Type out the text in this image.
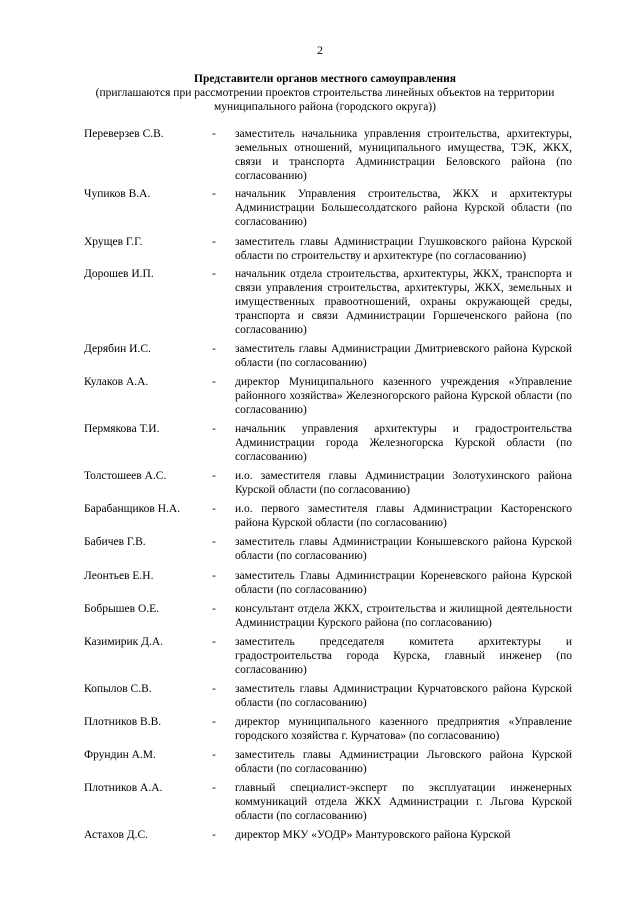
2
Представители органов местного самоуправления
(приглашаются при рассмотрении проектов строительства линейных объектов на территории муниципального района (городского округа))
Переверзев С.В.	- заместитель начальника управления строительства, архитектуры, земельных отношений, муниципального имущества, ТЭК, ЖКХ, связи и транспорта Администрации Беловского района (по согласованию)
Чупиков В.А.	- начальник Управления строительства, ЖКХ и архитектуры Администрации Большесолдатского района Курской области (по согласованию)
Хрущев Г.Г.	- заместитель главы Администрации Глушковского района Курской области по строительству и архитектуре (по согласованию)
Дорошев И.П.	- начальник отдела строительства, архитектуры, ЖКХ, транспорта и связи управления строительства, архитектуры, ЖКХ, земельных и имущественных правоотношений, охраны окружающей среды, транспорта и связи Администрации Горшеченского района (по согласованию)
Дерябин И.С.	- заместитель главы Администрации Дмитриевского района Курской области (по согласованию)
Кулаков А.А.	- директор Муниципального казенного учреждения «Управление районного хозяйства» Железногорского района Курской области (по согласованию)
Пермякова Т.И.	- начальник управления архитектуры и градостроительства Администрации города Железногорска Курской области (по согласованию)
Толстошеев А.С.	- и.о. заместителя главы Администрации Золотухинского района Курской области (по согласованию)
Барабанщиков Н.А.	- и.о. первого заместителя главы Администрации Касторенского района Курской области (по согласованию)
Бабичев Г.В.	- заместитель главы Администрации Конышевского района Курской области (по согласованию)
Леонтьев Е.Н.	- заместитель Главы Администрации Кореневского района Курской области (по согласованию)
Бобрышев О.Е.	- консультант отдела ЖКХ, строительства и жилищной деятельности Администрации Курского района (по согласованию)
Казимирик Д.А.	- заместитель председателя комитета архитектуры и градостроительства города Курска, главный инженер (по согласованию)
Копылов С.В.	- заместитель главы Администрации Курчатовского района Курской области (по согласованию)
Плотников В.В.	- директор муниципального казенного предприятия «Управление городского хозяйства г. Курчатова» (по согласованию)
Фрундин А.М.	- заместитель главы Администрации Льговского района Курской области (по согласованию)
Плотников А.А.	- главный специалист-эксперт по эксплуатации инженерных коммуникаций отдела ЖКХ Администрации г. Льгова Курской области (по согласованию)
Астахов Д.С.	- директор МКУ «УОДР» Мантуровского района Курской
